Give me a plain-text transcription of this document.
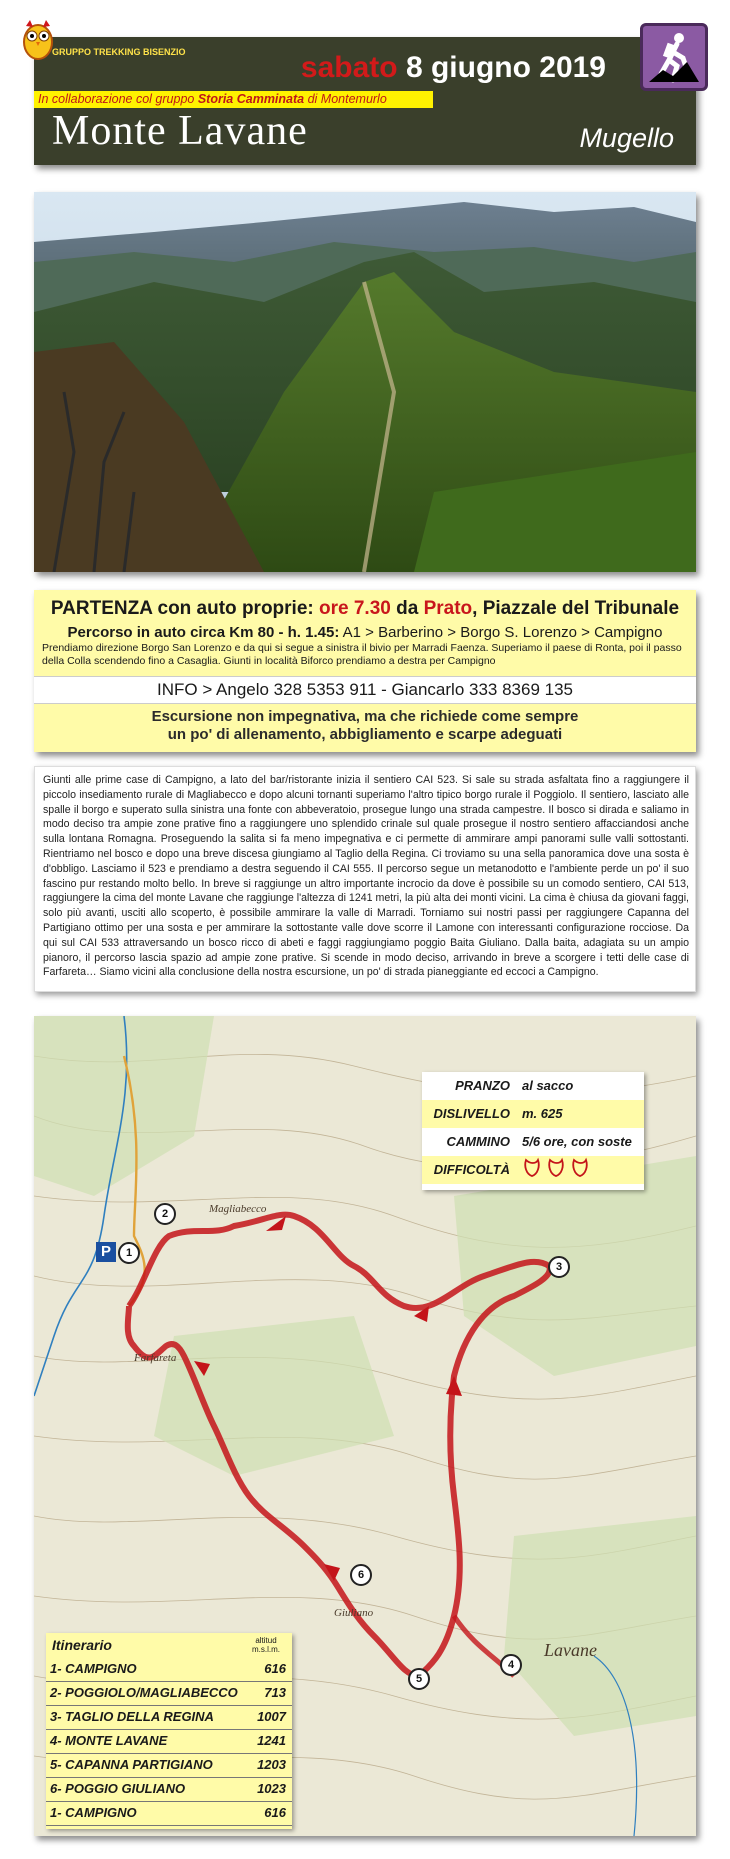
In collaborazione col gruppo Storia Camminata di Montemurlo
sabato 8 giugno 2019
Monte Lavane	Mugello
GRUPPO TREKKING BISENZIO
PARTENZA con auto proprie: ore 7.30 da Prato, Piazzale del Tribunale
Percorso in auto circa Km 80 - h. 1.45: A1 > Barberino > Borgo S. Lorenzo > Campigno
Prendiamo direzione Borgo San Lorenzo e da qui si segue a sinistra il bivio per Marradi Faenza. Superiamo il paese di Ronta, poi il passo della Colla scendendo fino a Casaglia. Giunti in località Biforco prendiamo a destra per Campigno
INFO > Angelo 328 5353 911 - Giancarlo 333 8369 135
Escursione non impegnativa, ma che richiede come sempre
un po' di allenamento, abbigliamento e scarpe adeguati
Giunti alle prime case di Campigno, a lato del bar/ristorante inizia il sentiero CAI 523. Si sale su strada asfaltata fino a raggiungere il piccolo insediamento rurale di Magliabecco e dopo alcuni tornanti superiamo l'altro tipico borgo rurale il Poggiolo. Il sentiero, lasciato alle spalle il borgo e superato sulla sinistra una fonte con abbeveratoio, prosegue lungo una strada campestre. Il bosco si dirada e saliamo in modo deciso tra ampie zone prative fino a raggiungere uno splendido crinale sul quale prosegue il nostro sentiero affacciandosi anche sulla lontana Romagna. Proseguendo la salita si fa meno impegnativa e ci permette di ammirare ampi panorami sulle valli sottostanti. Rientriamo nel bosco e dopo una breve discesa giungiamo al Taglio della Regina. Ci troviamo su una sella panoramica dove una sosta è d'obbligo. Lasciamo il 523 e prendiamo a destra seguendo il CAI 555. Il percorso segue un metanodotto e l'ambiente perde un po' il suo fascino pur restando molto bello. In breve si raggiunge un altro importante incrocio da dove è possibile su un comodo sentiero, CAI 513, raggiungere la cima del monte Lavane che raggiunge l'altezza di 1241 metri, la più alta dei monti vicini. La cima è chiusa da giovani faggi, solo più avanti, usciti allo scoperto, è possibile ammirare la valle di Marradi. Torniamo sui nostri passi per raggiungere Capanna del Partigiano ottimo per una sosta e per ammirare la sottostante valle dove scorre il Lamone con interessanti configurazione rocciose. Da qui sul CAI 533 attraversando un bosco ricco di abeti e faggi raggiungiamo poggio Baita Giuliano. Dalla baita, adagiata su un ampio pianoro, il percorso lascia spazio ad ampie zone prative. Si scende in modo deciso, arrivando in breve a scorgere i tetti delle case di Farfareta… Siamo vicini alla conclusione della nostra escursione, un po' di strada pianeggiante ed eccoci a Campigno.
Magliabecco
Farfareta
Lavane
Giuliano
P	1
2
3
4
5
6
PRANZO al sacco
DISLIVELLO m. 625
CAMMINO 5/6 ore, con soste
DIFFICOLTÀ
Itinerario	altitud m.s.l.m.
1- CAMPIGNO	616
2- POGGIOLO/MAGLIABECCO 713
3- TAGLIO DELLA REGINA	1007
4- MONTE LAVANE	1241
5- CAPANNA PARTIGIANO	1203
6- POGGIO GIULIANO	1023
1- CAMPIGNO	616
